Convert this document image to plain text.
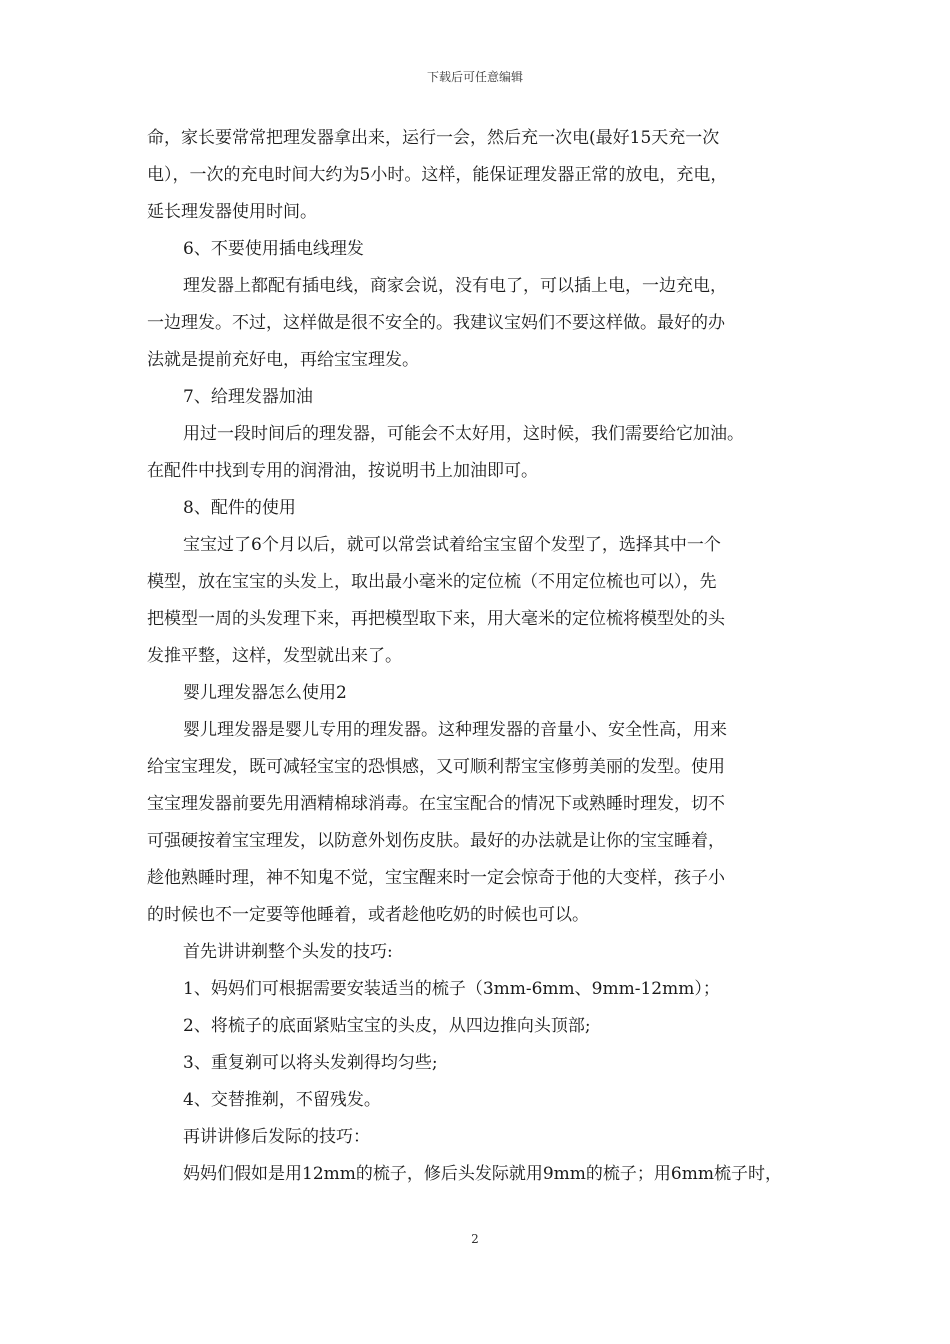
下载后可任意编辑
命，家长要常常把理发器拿出来，运行一会，然后充一次电(最好15天充一次
电），一次的充电时间大约为5小时。这样，能保证理发器正常的放电，充电，
延长理发器使用时间。
6、不要使用插电线理发
理发器上都配有插电线，商家会说，没有电了，可以插上电，一边充电，
一边理发。不过，这样做是很不安全的。我建议宝妈们不要这样做。最好的办
法就是提前充好电，再给宝宝理发。
7、给理发器加油
用过一段时间后的理发器，可能会不太好用，这时候，我们需要给它加油。
在配件中找到专用的润滑油，按说明书上加油即可。
8、配件的使用
宝宝过了6个月以后，就可以常尝试着给宝宝留个发型了，选择其中一个
模型，放在宝宝的头发上，取出最小毫米的定位梳（不用定位梳也可以），先
把模型一周的头发理下来，再把模型取下来，用大毫米的定位梳将模型处的头
发推平整，这样，发型就出来了。
婴儿理发器怎么使用2
婴儿理发器是婴儿专用的理发器。这种理发器的音量小、安全性高，用来
给宝宝理发，既可减轻宝宝的恐惧感，又可顺利帮宝宝修剪美丽的发型。使用
宝宝理发器前要先用酒精棉球消毒。在宝宝配合的情况下或熟睡时理发，切不
可强硬按着宝宝理发，以防意外划伤皮肤。最好的办法就是让你的宝宝睡着，
趁他熟睡时理，神不知鬼不觉，宝宝醒来时一定会惊奇于他的大变样，孩子小
的时候也不一定要等他睡着，或者趁他吃奶的时候也可以。
首先讲讲剃整个头发的技巧:
1、妈妈们可根据需要安装适当的梳子（3mm-6mm、9mm-12mm）；
2、将梳子的底面紧贴宝宝的头皮，从四边推向头顶部;
3、重复剃可以将头发剃得均匀些;
4、交替推剃，不留残发。
再讲讲修后发际的技巧：
妈妈们假如是用12mm的梳子，修后头发际就用9mm的梳子；用6mm梳子时，
2
